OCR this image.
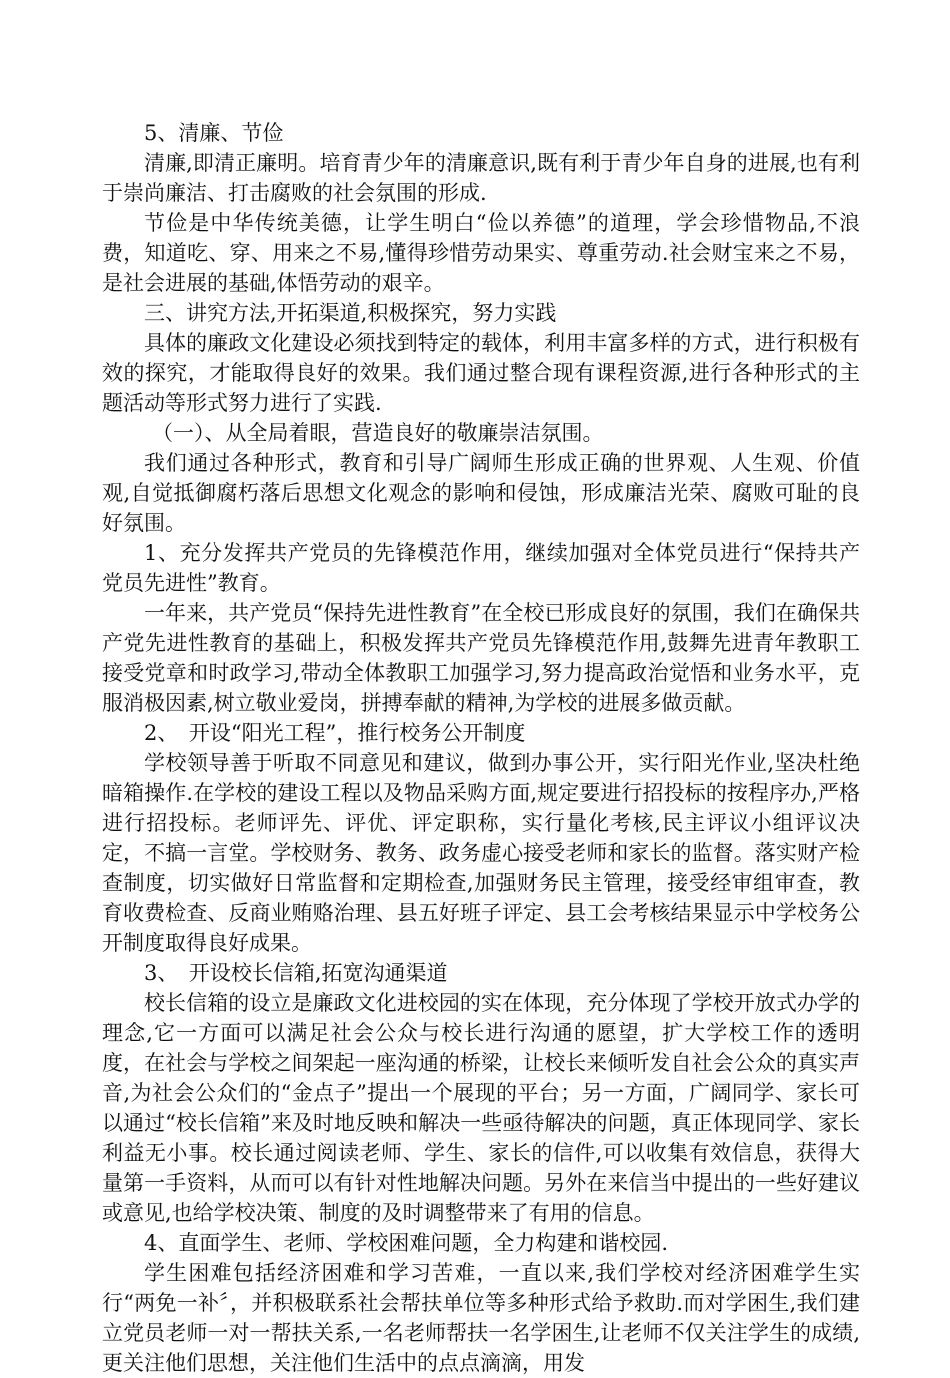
5、清廉、节俭

清廉,即清正廉明。培育青少年的清廉意识,既有利于青少年自身的进展,也有利于崇尚廉洁、打击腐败的社会氛围的形成.

节俭是中华传统美德，让学生明白“俭以养德”的道理，学会珍惜物品,不浪费，知道吃、穿、用来之不易,懂得珍惜劳动果实、尊重劳动.社会财宝来之不易，是社会进展的基础,体悟劳动的艰辛。

三、讲究方法,开拓渠道,积极探究，努力实践

具体的廉政文化建设必须找到特定的载体，利用丰富多样的方式，进行积极有效的探究，才能取得良好的效果。我们通过整合现有课程资源,进行各种形式的主题活动等形式努力进行了实践.

（一）、从全局着眼，营造良好的敬廉崇洁氛围。

我们通过各种形式，教育和引导广阔师生形成正确的世界观、人生观、价值观,自觉抵御腐朽落后思想文化观念的影响和侵蚀，形成廉洁光荣、腐败可耻的良好氛围。

1、充分发挥共产党员的先锋模范作用，继续加强对全体党员进行“保持共产党员先进性”教育。

一年来，共产党员“保持先进性教育”在全校已形成良好的氛围，我们在确保共产党先进性教育的基础上，积极发挥共产党员先锋模范作用,鼓舞先进青年教职工接受党章和时政学习,带动全体教职工加强学习,努力提高政治觉悟和业务水平，克服消极因素,树立敬业爱岗，拼搏奉献的精神,为学校的进展多做贡献。

2、　开设“阳光工程”，推行校务公开制度

学校领导善于听取不同意见和建议，做到办事公开，实行阳光作业,坚决杜绝暗箱操作.在学校的建设工程以及物品采购方面,规定要进行招投标的按程序办,严格进行招投标。老师评先、评优、评定职称，实行量化考核,民主评议小组评议决定，不搞一言堂。学校财务、教务、政务虚心接受老师和家长的监督。落实财产检查制度，切实做好日常监督和定期检查,加强财务民主管理，接受经审组审查，教育收费检查、反商业贿赂治理、县五好班子评定、县工会考核结果显示中学校务公开制度取得良好成果。

3、　开设校长信箱,拓宽沟通渠道

校长信箱的设立是廉政文化进校园的实在体现，充分体现了学校开放式办学的理念,它一方面可以满足社会公众与校长进行沟通的愿望，扩大学校工作的透明度，在社会与学校之间架起一座沟通的桥梁，让校长来倾听发自社会公众的真实声音,为社会公众们的“金点子”提出一个展现的平台；另一方面，广阔同学、家长可以通过“校长信箱”来及时地反映和解决一些亟待解决的问题，真正体现同学、家长利益无小事。校长通过阅读老师、学生、家长的信件,可以收集有效信息，获得大量第一手资料，从而可以有针对性地解决问题。另外在来信当中提出的一些好建议或意见,也给学校决策、制度的及时调整带来了有用的信息。

4、直面学生、老师、学校困难问题，全力构建和谐校园.

学生困难包括经济困难和学习苦难，一直以来,我们学校对经济困难学生实行“两免一补〞，并积极联系社会帮扶单位等多种形式给予救助.而对学困生,我们建立党员老师一对一帮扶关系,一名老师帮扶一名学困生,让老师不仅关注学生的成绩,更关注他们思想，关注他们生活中的点点滴滴，用发
